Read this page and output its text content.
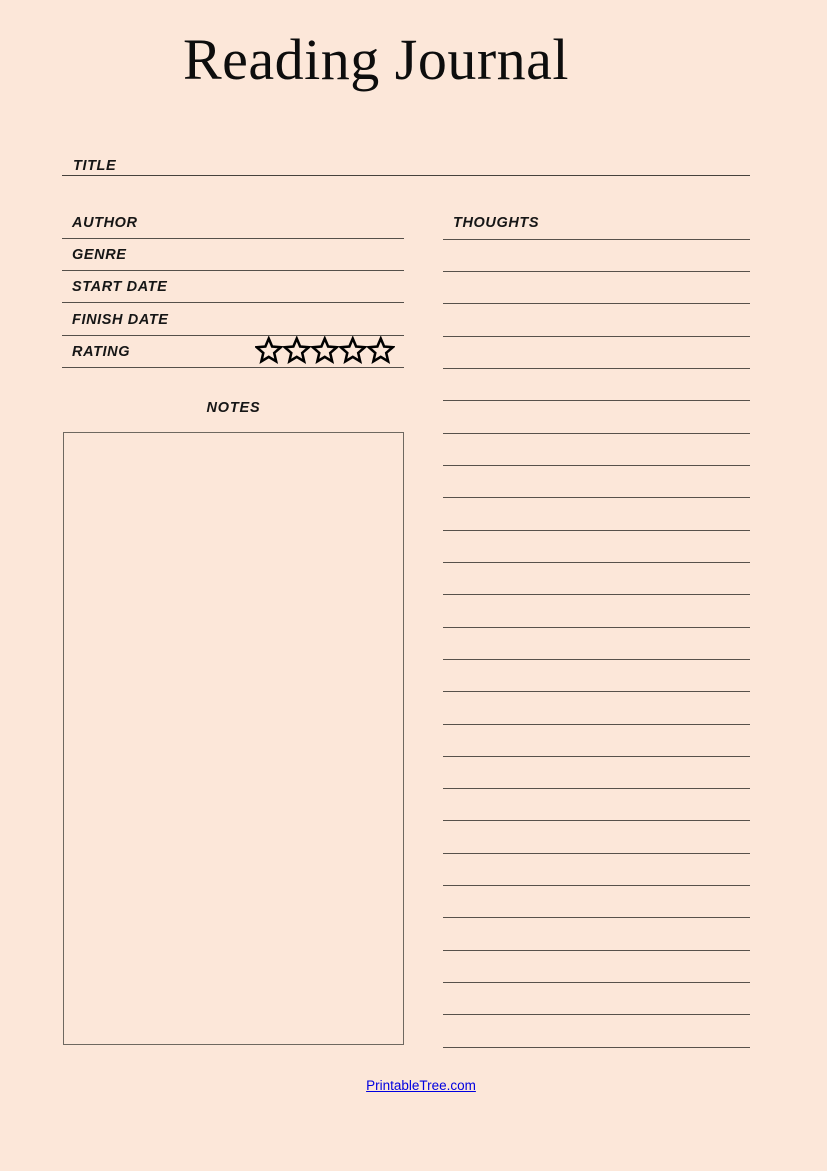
Reading Journal
TITLE
AUTHOR
GENRE
START DATE
FINISH DATE
RATING
THOUGHTS
NOTES
PrintableTree.com
